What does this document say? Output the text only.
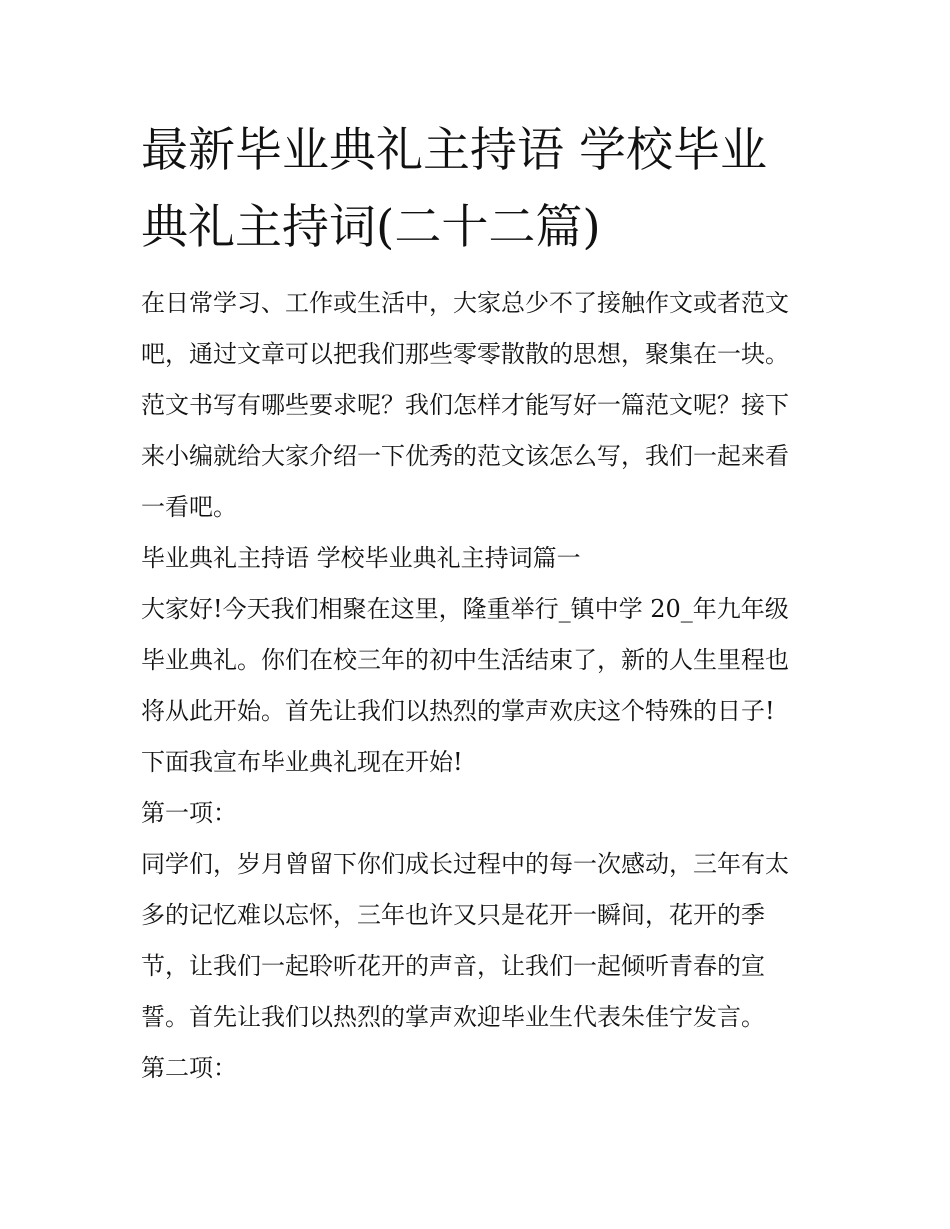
最新毕业典礼主持语 学校毕业
典礼主持词(二十二篇)

在日常学习、工作或生活中，大家总少不了接触作文或者范文
吧，通过文章可以把我们那些零零散散的思想，聚集在一块。
范文书写有哪些要求呢？我们怎样才能写好一篇范文呢？接下
来小编就给大家介绍一下优秀的范文该怎么写，我们一起来看
一看吧。

毕业典礼主持语 学校毕业典礼主持词篇一

大家好!今天我们相聚在这里，隆重举行_镇中学 20_年九年级
毕业典礼。你们在校三年的初中生活结束了，新的人生里程也
将从此开始。首先让我们以热烈的掌声欢庆这个特殊的日子!
下面我宣布毕业典礼现在开始!

第一项：

同学们，岁月曾留下你们成长过程中的每一次感动，三年有太
多的记忆难以忘怀，三年也许又只是花开一瞬间，花开的季
节，让我们一起聆听花开的声音，让我们一起倾听青春的宣
誓。首先让我们以热烈的掌声欢迎毕业生代表朱佳宁发言。

第二项：
